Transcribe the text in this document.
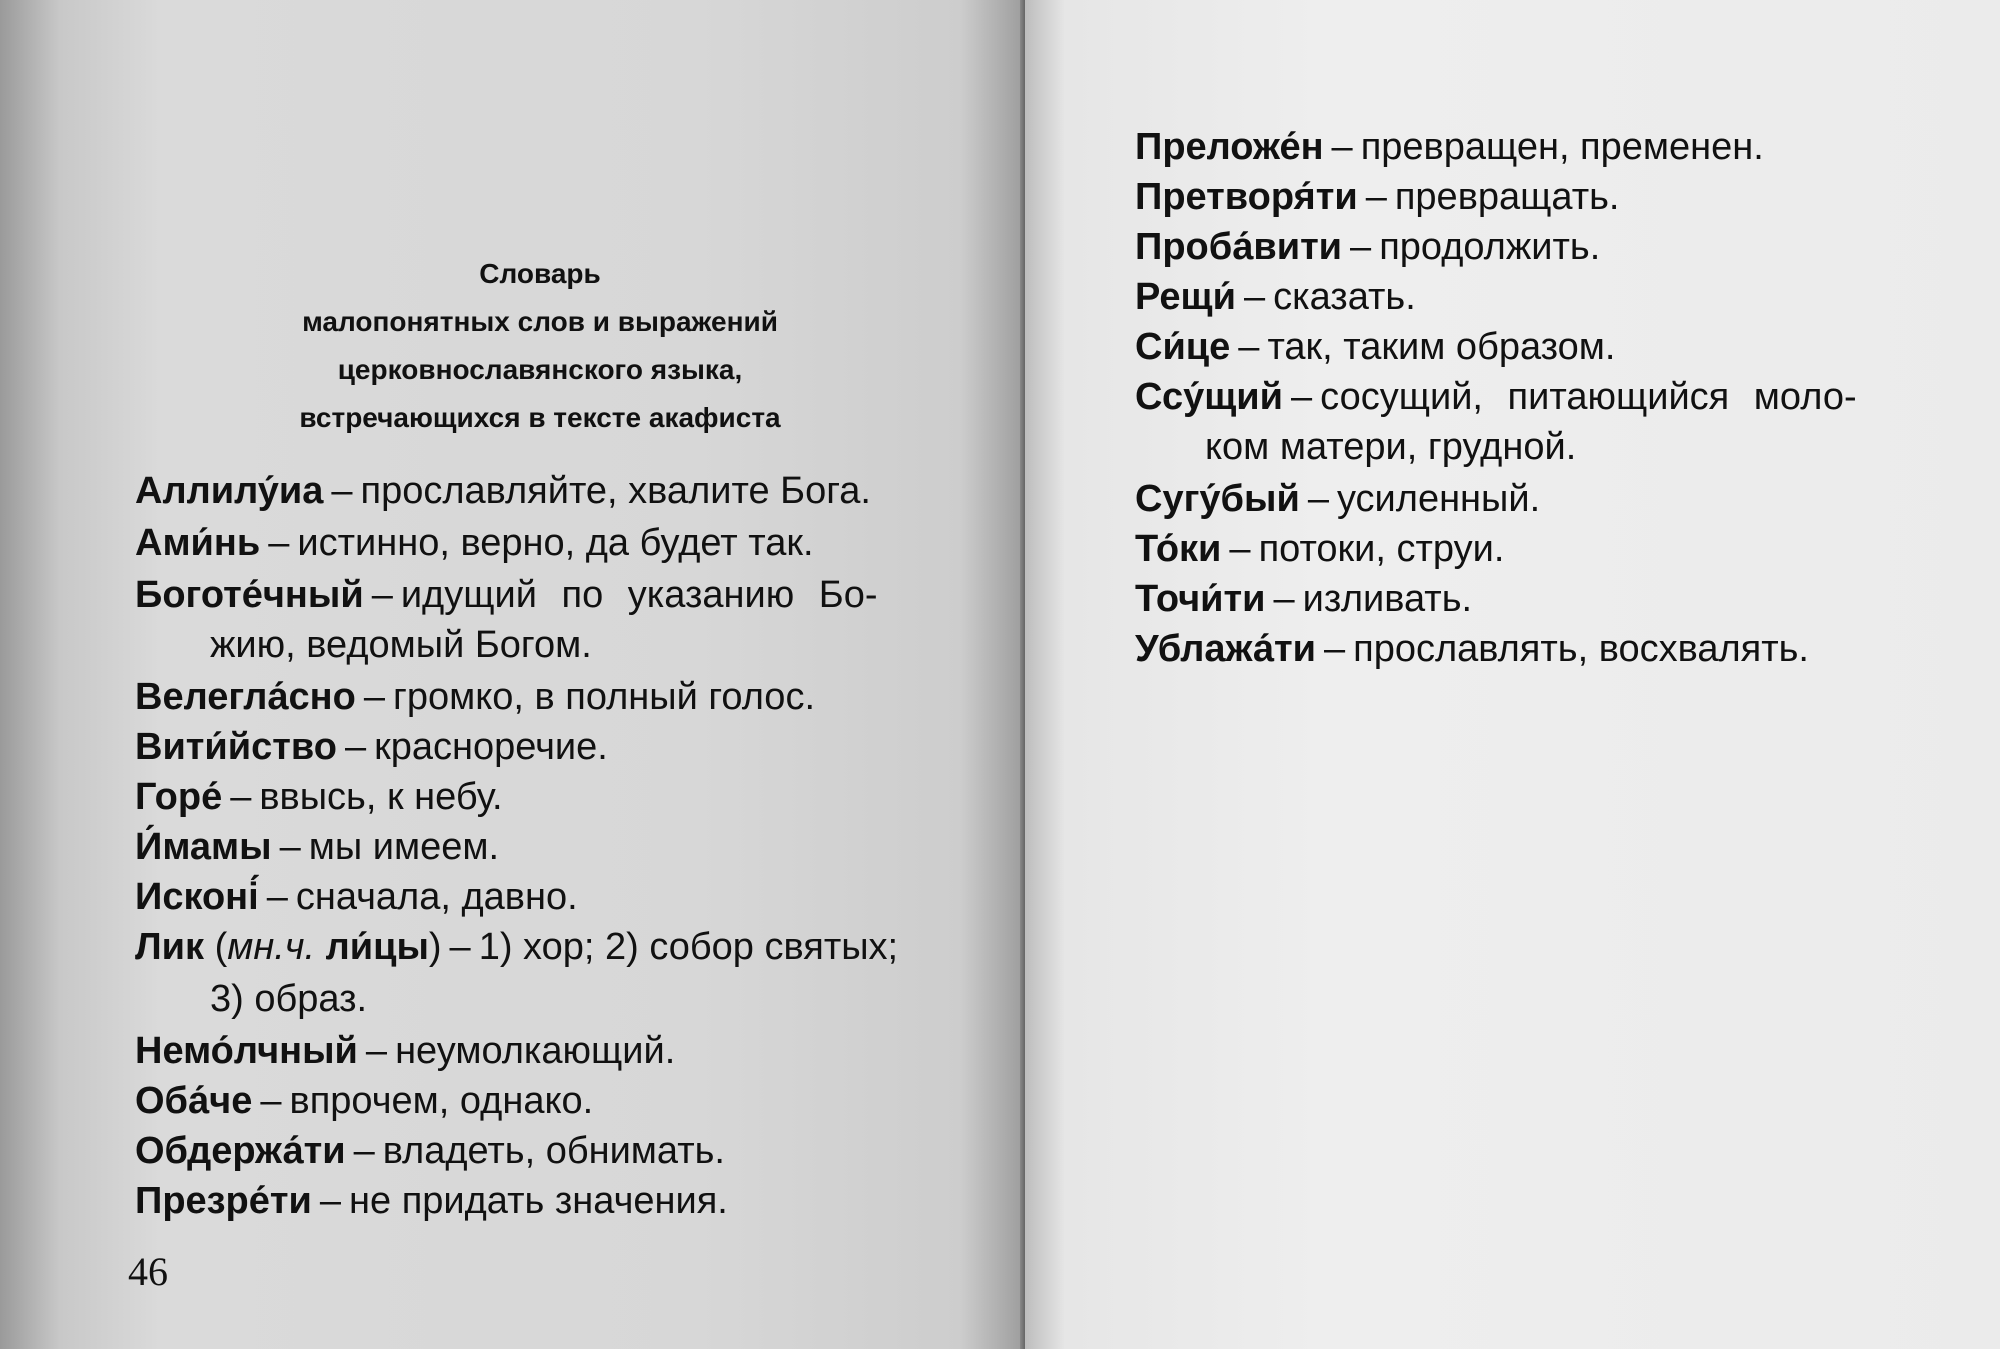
Словарь
малопонятных слов и выражений
церковнославянского языка,
встречающихся в тексте акафиста
Аллилу́иа – прославляйте, хвалите Бога.
Ами́нь – истинно, верно, да будет так.
Боготе́чный – идущий по указанию Бо-
жию, ведомый Богом.
Велегла́сно – громко, в полный голос.
Вити́йство – красноречие.
Горе́ – ввысь, к небу.
И́мамы – мы имеем.
Исконі́ – сначала, давно.
Лик (мн.ч. ли́цы) – 1) хор; 2) собор святых;
3) образ.
Немо́лчный – неумолкающий.
Оба́че – впрочем, однако.
Обдержа́ти – владеть, обнимать.
Презре́ти – не придать значения.
46
Преложе́н – превращен, пременен.
Претворя́ти – превращать.
Проба́вити – продолжить.
Рещи́ – сказать.
Си́це – так, таким образом.
Ссу́щий – сосущий, питающийся моло-
ком матери, грудной.
Сугу́бый – усиленный.
То́ки – потоки, струи.
Точи́ти – изливать.
Ублажа́ти – прославлять, восхвалять.
